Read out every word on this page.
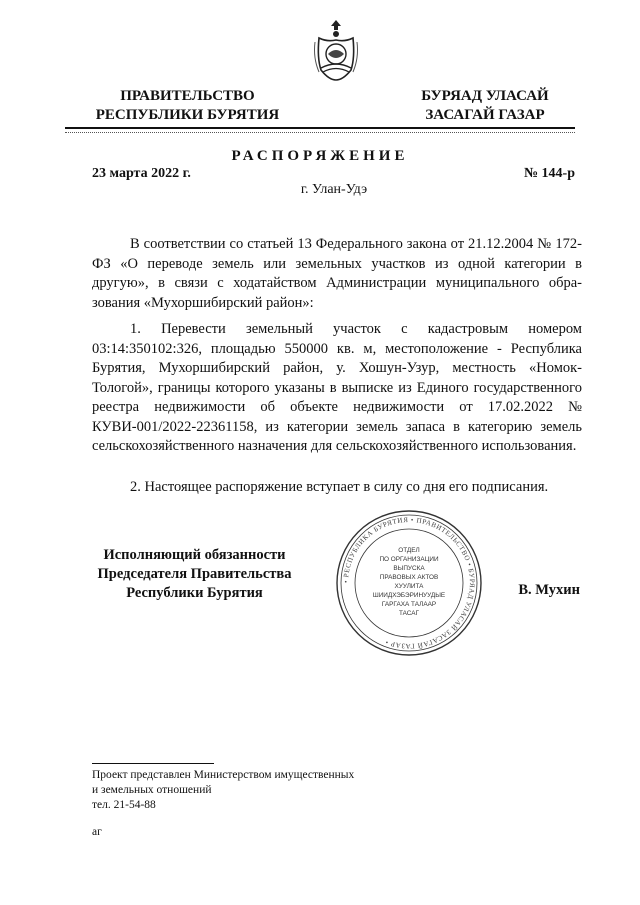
ПРАВИТЕЛЬСТВО
РЕСПУБЛИКИ БУРЯТИЯ
БУРЯАД УЛАСАЙ
ЗАСАГАЙ ГАЗАР
РАСПОРЯЖЕНИЕ
23 марта 2022 г.	№ 144-р
г. Улан-Удэ
В соответствии со статьей 13 Федерального закона от 21.12.2004 № 172-ФЗ «О переводе земель или земельных участков из одной категории в другую», в связи с ходатайством Администрации муниципального образования «Мухоршибирский район»:
1. Перевести земельный участок с кадастровым номером 03:14:350102:326, площадью 550000 кв. м, местоположение - Республика Бурятия, Мухоршибирский район, у. Хошун-Узур, местность «Номок-Тологой», границы которого указаны в выписке из Единого государственного реестра недвижимости об объекте недвижимости от 17.02.2022 № КУВИ-001/2022-22361158, из категории земель запаса в категорию земель сельскохозяйственного назначения для сельскохозяйственного использования.
2. Настоящее распоряжение вступает в силу со дня его подписания.
Исполняющий обязанности
Председателя Правительства
Республики Бурятия
• РЕСПУБЛИКА БУРЯТИЯ • ПРАВИТЕЛЬСТВО • БУРЯАД УЛАСАЙ ЗАСАГАЙ ГАЗАР •
ОТДЕЛ
ПО ОРГАНИЗАЦИИ
ВЫПУСКА
ПРАВОВЫХ АКТОВ
ХУУЛИТА
ШИИДХЭБЭРИНУУДЫЕ
ГАРГАХА ТАЛААР
ТАСАГ
В. Мухин
Проект представлен Министерством имущественных
и земельных отношений
тел. 21-54-88
аг
